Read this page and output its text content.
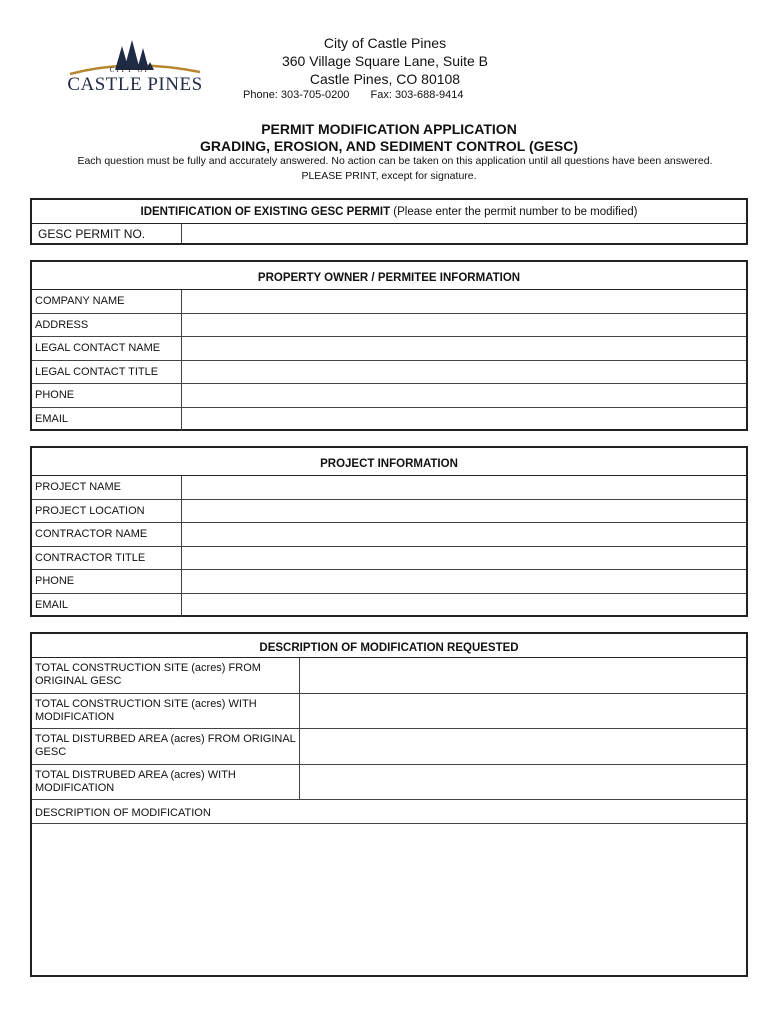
CITY OF
CASTLE PINES
City of Castle Pines
360 Village Square Lane, Suite B
Castle Pines, CO 80108
Phone: 303-705-0200 Fax: 303-688-9414
PERMIT MODIFICATION APPLICATION
GRADING, EROSION, AND SEDIMENT CONTROL (GESC)
Each question must be fully and accurately answered. No action can be taken on this application until all questions have been answered.
PLEASE PRINT, except for signature.
IDENTIFICATION OF EXISTING GESC PERMIT (Please enter the permit number to be modified)
GESC PERMIT NO.
PROPERTY OWNER / PERMITEE INFORMATION
COMPANY NAME
ADDRESS
LEGAL CONTACT NAME
LEGAL CONTACT TITLE
PHONE
EMAIL
PROJECT INFORMATION
PROJECT NAME
PROJECT LOCATION
CONTRACTOR NAME
CONTRACTOR TITLE
PHONE
EMAIL
DESCRIPTION OF MODIFICATION REQUESTED
TOTAL CONSTRUCTION SITE (acres) FROM ORIGINAL GESC
TOTAL CONSTRUCTION SITE (acres) WITH MODIFICATION
TOTAL DISTURBED AREA (acres) FROM ORIGINAL GESC
TOTAL DISTRUBED AREA (acres) WITH MODIFICATION
DESCRIPTION OF MODIFICATION
